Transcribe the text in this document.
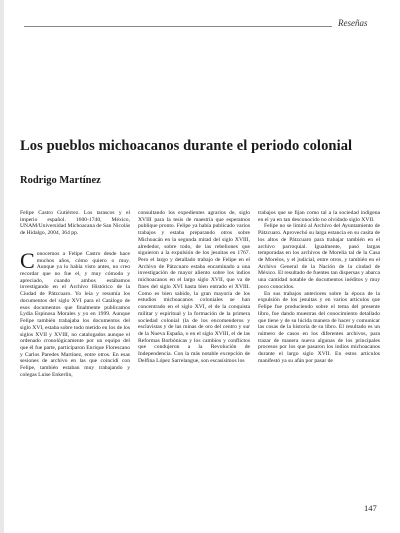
Reseñas
Los pueblos michoacanos durante el periodo colonial
Rodrigo Martínez

Felipe Castro Gutiérrez. Los tarascos y el imperio español. 1600-1740, México, UNAM/Universidad Michoacana de San Nicolás de Hidalgo, 2004, 364 pp.

C onocemos a Felipe Castro desde hace muchos años, cómo quiero o muy. Aunque ya lo había visto antes, no creo recordar que no fue el, y muy cómodo y apreciado, cuando ambos estábamos investigando en el Archivo Histórico de la Ciudad de Pátzcuaro. Yo leía y resumía los documentos del siglo XVI para el Catálogo de esos documentos que finalmente publicamos Lydia Espinosa Morales y yo en 1999. Aunque Felipe también trabajaba los documentos del siglo XVI, estaba sobre todo metido en los de los siglos XVII y XVIII, no catalogados aunque el ordenado cronológicamente por un equipo del que él fue parte, participaron Enrique Florescano y Carlos Paredes Martínez, entre otros. En esas sesiones de archivo en las que coincidí con Felipe, también estaban muy trabajando y colegas Luise Enkerlin,

consultando los expedientes agrarios de, siglo XVIII para la tesis de maestría que esperamos publique pronto. Felipe ya había publicado varios trabajos y estaba preparando otros sobre Michoacán en la segunda mitad del siglo XVIII, alrededor, sobre todo, de las rebeliones que siguieron a la expulsión de los jesuitas en 1767. Pero el largo y detallado trabajo de Felipe en el Archivo de Pátzcuaro estaba encaminado a una investigación de mayor aliento sobre los indios michoacanos en el largo siglo XVII, que va de fines del siglo XVI hasta bien entrado el XVIII. Como es bien sabido, la gran mayoría de los estudios michoacanos coloniales se han concentrado en el siglo XVI, el de la conquista militar y espiritual y la formación de la primera sociedad colonial (la de los encomenderos y esclavistas y de las minas de oro del centro y sur de la Nueva España, o en el siglo XVIII, el de las Reformas Borbónicas y los cambios y conflictos que condujeron a la Revolución de Independencia. Con la más notable excepción de Delfina López Sarrelangue, son escasísimos los

trabajos que se fijan como tal a la sociedad indígena en el ya en tan desconocido no olvidado siglo XVII.

Felipe no se limitó al Archivo del Ayuntamiento de Pátzcuaro. Aprovechó su larga estancia en su casita de los altos de Pátzcuaro para trabajar también en el archivo parroquial. Igualmente, pasó largas temporadas en los archivos de Morelia tal de la Casa de Morelos, y el judicial, entre otros, y también en el Archivo General de la Nación de la ciudad de México. El resultado de fuentes tan dispersas y abarca una cantidad notable de documentos inéditos y muy poco conocidos.

En sus trabajos anteriores sobre la época de la expulsión de los jesuitas y en varios artículos que Felipe fue produciendo sobre el tema del presente libro, fue dando muestras del conocimiento detallado que tiene y de su lúcida manera de hacer y comunicar las cosas de la historia de su libro. El resultado es un número de casos en los diferentes archivos, para trazar de manera nueva algunas de los principales procesos por los que pasaron los indios michoacanos durante el largo siglo XVII. En estos artículos manifestó ya su afán por pasar de

147
